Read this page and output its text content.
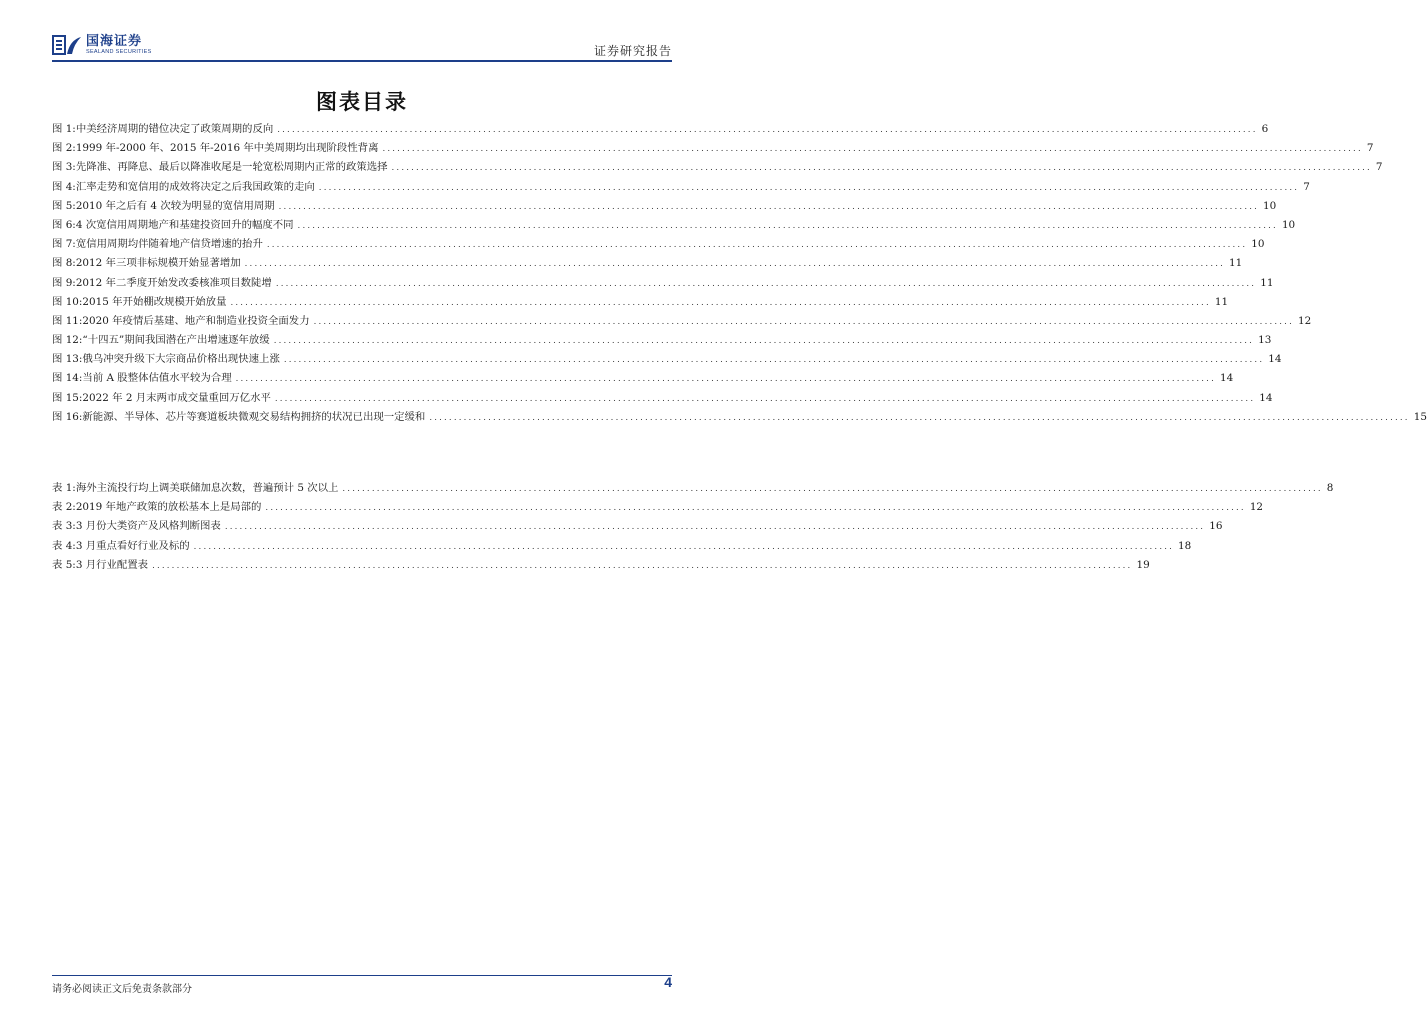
国海证券
SEALAND SECURITIES	证券研究报告
图表目录
图 1: 中美经济周期的错位决定了政策周期的反向 ........................................................................................................................................................................................................ 6
图 2: 1999 年-2000 年、2015 年-2016 年中美周期均出现阶段性背离 ........................................................................................................................................................................................................ 7
图 3: 先降准、再降息、最后以降准收尾是一轮宽松周期内正常的政策选择 ........................................................................................................................................................................................................ 7
图 4: 汇率走势和宽信用的成效将决定之后我国政策的走向 ........................................................................................................................................................................................................ 7
图 5: 2010 年之后有 4 次较为明显的宽信用周期 ........................................................................................................................................................................................................ 10
图 6: 4 次宽信用周期地产和基建投资回升的幅度不同 ........................................................................................................................................................................................................ 10
图 7: 宽信用周期均伴随着地产信贷增速的抬升 ........................................................................................................................................................................................................ 10
图 8: 2012 年三项非标规模开始显著增加 ........................................................................................................................................................................................................ 11
图 9: 2012 年二季度开始发改委核准项目数陡增 ........................................................................................................................................................................................................ 11
图 10: 2015 年开始棚改规模开始放量 ........................................................................................................................................................................................................ 11
图 11: 2020 年疫情后基建、地产和制造业投资全面发力 ........................................................................................................................................................................................................ 12
图 12: “十四五”期间我国潜在产出增速逐年放缓 ........................................................................................................................................................................................................ 13
图 13: 俄乌冲突升级下大宗商品价格出现快速上涨 ........................................................................................................................................................................................................ 14
图 14: 当前 A 股整体估值水平较为合理 ........................................................................................................................................................................................................ 14
图 15: 2022 年 2 月末两市成交量重回万亿水平 ........................................................................................................................................................................................................ 14
图 16: 新能源、半导体、芯片等赛道板块微观交易结构拥挤的状况已出现一定缓和 ........................................................................................................................................................................................................ 15
表 1: 海外主流投行均上调美联储加息次数，普遍预计 5 次以上 ........................................................................................................................................................................................................ 8
表 2: 2019 年地产政策的放松基本上是局部的 ........................................................................................................................................................................................................ 12
表 3: 3 月份大类资产及风格判断图表 ........................................................................................................................................................................................................ 16
表 4: 3 月重点看好行业及标的 ........................................................................................................................................................................................................ 18
表 5: 3 月行业配置表 ........................................................................................................................................................................................................ 19
请务必阅读正文后免责条款部分	4
